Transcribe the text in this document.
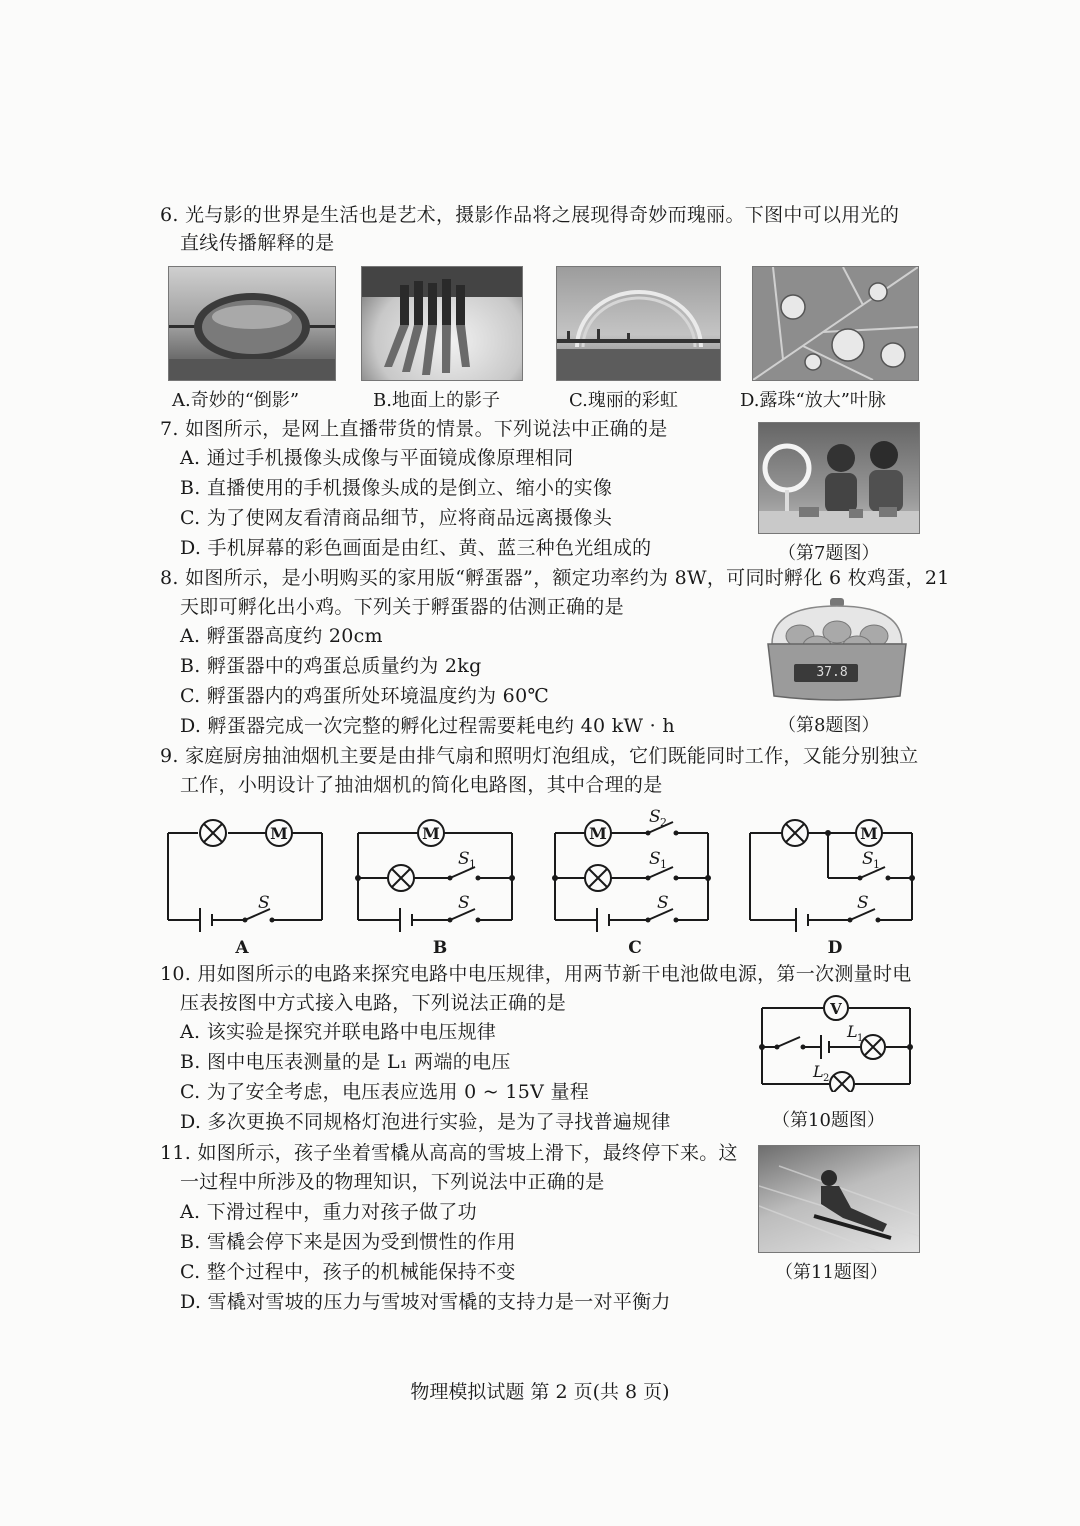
6. 光与影的世界是生活也是艺术，摄影作品将之展现得奇妙而瑰丽。下图中可以用光的
直线传播解释的是
A.奇妙的“倒影”	B.地面上的影子	C.瑰丽的彩虹	D.露珠“放大”叶脉
7. 如图所示，是网上直播带货的情景。下列说法中正确的是
A. 通过手机摄像头成像与平面镜成像原理相同
B. 直播使用的手机摄像头成的是倒立、缩小的实像
C. 为了使网友看清商品细节，应将商品远离摄像头
D. 手机屏幕的彩色画面是由红、黄、蓝三种色光组成的	（第7题图）
8. 如图所示，是小明购买的家用版“孵蛋器”，额定功率约为 8W，可同时孵化 6 枚鸡蛋，21
天即可孵化出小鸡。下列关于孵蛋器的估测正确的是
A. 孵蛋器高度约 20cm
B. 孵蛋器中的鸡蛋总质量约为 2kg
C. 孵蛋器内的鸡蛋所处环境温度约为 60℃
D. 孵蛋器完成一次完整的孵化过程需要耗电约 40 kW · h
37.8
（第8题图）
9. 家庭厨房抽油烟机主要是由排气扇和照明灯泡组成，它们既能同时工作，又能分别独立
工作，小明设计了抽油烟机的简化电路图，其中合理的是
M	M	M	M
S	S
S
S
S
S
S
S
1
2
1	1
A	B	C	D
10. 用如图所示的电路来探究电路中电压规律，用两节新干电池做电源，第一次测量时电
压表按图中方式接入电路，下列说法正确的是
A. 该实验是探究并联电路中电压规律
B. 图中电压表测量的是 L₁ 两端的电压
C. 为了安全考虑，电压表应选用 0 ~ 15V 量程
D. 多次更换不同规格灯泡进行实验，是为了寻找普遍规律
V
L
L
1
2
（第10题图）
11. 如图所示，孩子坐着雪橇从高高的雪坡上滑下，最终停下来。这
一过程中所涉及的物理知识，下列说法中正确的是
A. 下滑过程中，重力对孩子做了功
B. 雪橇会停下来是因为受到惯性的作用
C. 整个过程中，孩子的机械能保持不变
D. 雪橇对雪坡的压力与雪坡对雪橇的支持力是一对平衡力
（第11题图）
物理模拟试题 第 2 页(共 8 页)
